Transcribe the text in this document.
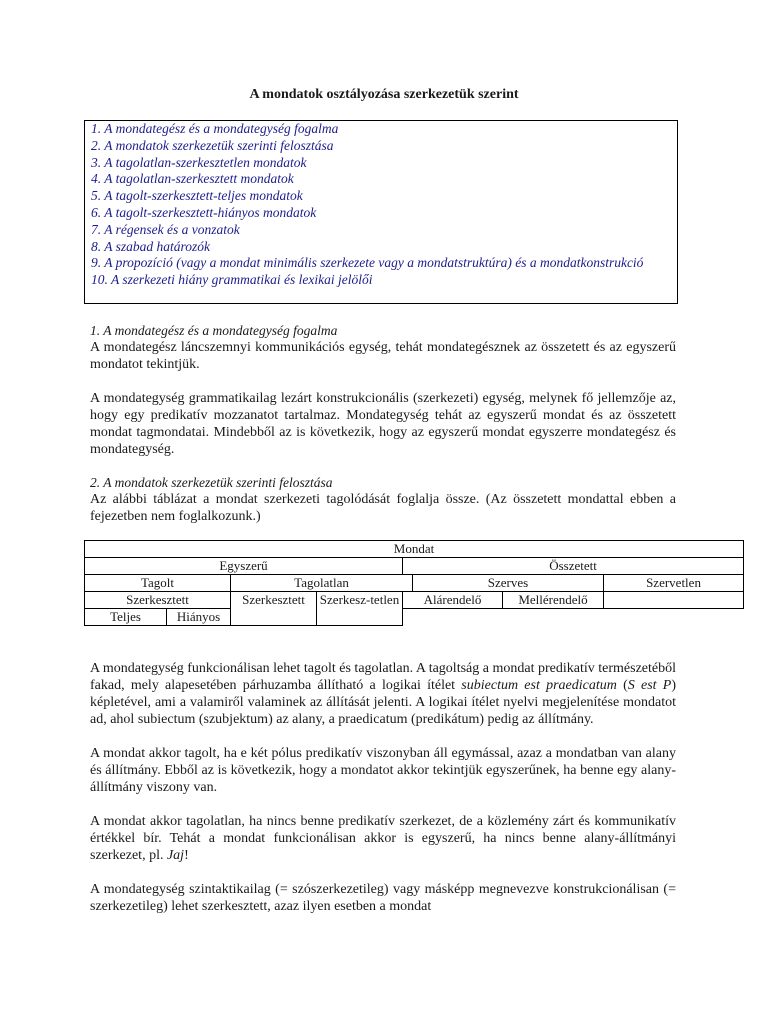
A mondatok osztályozása szerkezetük szerint
1. A mondategész és a mondategység fogalma
2. A mondatok szerkezetük szerinti felosztása
3. A tagolatlan-szerkesztetlen mondatok
4. A tagolatlan-szerkesztett mondatok
5. A tagolt-szerkesztett-teljes mondatok
6. A tagolt-szerkesztett-hiányos mondatok
7. A régensek és a vonzatok
8. A szabad határozók
9. A propozíció (vagy a mondat minimális szerkezete vagy a mondatstruktúra) és a mondatkonstrukció
10. A szerkezeti hiány grammatikai és lexikai jelölői

1. A mondategész és a mondategység fogalma

A mondategész láncszemnyi kommunikációs egység, tehát mondategésznek az összetett és az egyszerű mondatot tekintjük.

A mondategység grammatikailag lezárt konstrukcionális (szerkezeti) egység, melynek fő jellemzője az, hogy egy predikatív mozzanatot tartalmaz. Mondategység tehát az egyszerű mondat és az összetett mondat tagmondatai. Mindebből az is következik, hogy az egyszerű mondat egyszerre mondategész és mondategység.

2. A mondatok szerkezetük szerinti felosztása

Az alábbi táblázat a mondat szerkezeti tagolódását foglalja össze. (Az összetett mondattal ebben a fejezetben nem foglalkozunk.)

Mondat							
Egyszerű				Összetett			
Tagolt		Tagolatlan			Szerves		Szervetlen
Szerkesztett		Szerkesztett	Szerkesz-tetlen	Alárendelő		Mellérendelő	
Teljes	Hiányos						

A mondategység funkcionálisan lehet tagolt és tagolatlan. A tagoltság a mondat predikatív természetéből fakad, mely alapesetében párhuzamba állítható a logikai ítélet subiectum est praedicatum (S est P) képletével, ami a valamiről valaminek az állítását jelenti. A logikai ítélet nyelvi megjelenítése mondatot ad, ahol subiectum (szubjektum) az alany, a praedicatum (predikátum) pedig az állítmány.

A mondat akkor tagolt, ha e két pólus predikatív viszonyban áll egymással, azaz a mondatban van alany és állítmány. Ebből az is következik, hogy a mondatot akkor tekintjük egyszerűnek, ha benne egy alany-állítmány viszony van.

A mondat akkor tagolatlan, ha nincs benne predikatív szerkezet, de a közlemény zárt és kommunikatív értékkel bír. Tehát a mondat funkcionálisan akkor is egyszerű, ha nincs benne alany-állítmányi szerkezet, pl. Jaj!

A mondategység szintaktikailag (= szószerkezetileg) vagy másképp megnevezve konstrukcionálisan (= szerkezetileg) lehet szerkesztett, azaz ilyen esetben a mondat
